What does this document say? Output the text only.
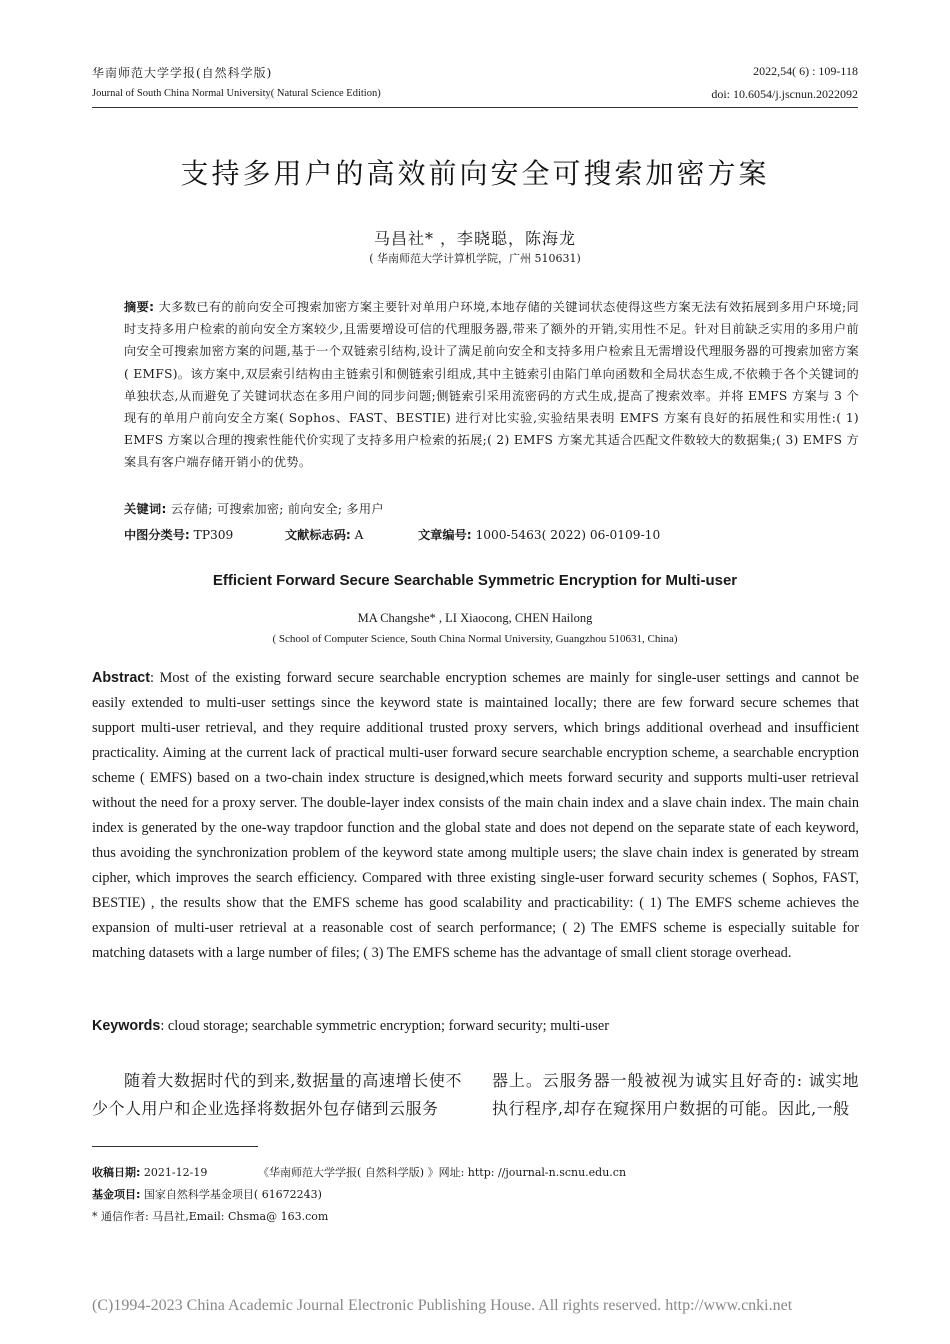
华南师范大学学报(自然科学版)
Journal of South China Normal University( Natural Science Edition)
2022,54( 6) : 109-118
doi: 10.6054/j.jscnun.2022092
支持多用户的高效前向安全可搜索加密方案
马昌社* ，李晓聪，陈海龙
( 华南师范大学计算机学院，广州 510631)
摘要: 大多数已有的前向安全可搜索加密方案主要针对单用户环境,本地存储的关键词状态使得这些方案无法有效拓展到多用户环境;同时支持多用户检索的前向安全方案较少,且需要增设可信的代理服务器,带来了额外的开销,实用性不足。针对目前缺乏实用的多用户前向安全可搜索加密方案的问题,基于一个双链索引结构,设计了满足前向安全和支持多用户检索且无需增设代理服务器的可搜索加密方案( EMFS)。该方案中,双层索引结构由主链索引和侧链索引组成,其中主链索引由陷门单向函数和全局状态生成,不依赖于各个关键词的单独状态,从而避免了关键词状态在多用户间的同步问题;侧链索引采用流密码的方式生成,提高了搜索效率。并将 EMFS 方案与 3 个现有的单用户前向安全方案( Sophos、FAST、BESTIE) 进行对比实验,实验结果表明 EMFS 方案有良好的拓展性和实用性:( 1) EMFS 方案以合理的搜索性能代价实现了支持多用户检索的拓展;( 2) EMFS 方案尤其适合匹配文件数较大的数据集;( 3) EMFS 方案具有客户端存储开销小的优势。
关键词: 云存储; 可搜索加密; 前向安全; 多用户
中图分类号: TP309	文献标志码: A	文章编号: 1000-5463( 2022) 06-0109-10
Efficient Forward Secure Searchable Symmetric Encryption for Multi-user
MA Changshe* , LI Xiaocong, CHEN Hailong
( School of Computer Science, South China Normal University, Guangzhou 510631, China)
Abstract: Most of the existing forward secure searchable encryption schemes are mainly for single-user settings and cannot be easily extended to multi-user settings since the keyword state is maintained locally; there are few forward secure schemes that support multi-user retrieval, and they require additional trusted proxy servers, which brings additional overhead and insufficient practicality. Aiming at the current lack of practical multi-user forward secure searchable encryption scheme, a searchable encryption scheme ( EMFS) based on a two-chain index structure is designed,which meets forward security and supports multi-user retrieval without the need for a proxy server. The double-layer index consists of the main chain index and a slave chain index. The main chain index is generated by the one-way trapdoor function and the global state and does not depend on the separate state of each keyword, thus avoiding the synchronization problem of the keyword state among multiple users; the slave chain index is generated by stream cipher, which improves the search efficiency. Compared with three existing single-user forward security schemes ( Sophos, FAST, BESTIE) , the results show that the EMFS scheme has good scalability and practicability: ( 1) The EMFS scheme achieves the expansion of multi-user retrieval at a reasonable cost of search performance; ( 2) The EMFS scheme is especially suitable for matching datasets with a large number of files; ( 3) The EMFS scheme has the advantage of small client storage overhead.
Keywords: cloud storage; searchable symmetric encryption; forward security; multi-user
随着大数据时代的到来,数据量的高速增长使不少个人用户和企业选择将数据外包存储到云服务
器上。云服务器一般被视为诚实且好奇的: 诚实地执行程序,却存在窥探用户数据的可能。因此,一般
收稿日期: 2021-12-19	《华南师范大学学报( 自然科学版) 》网址: http: //journal-n.scnu.edu.cn
基金项目: 国家自然科学基金项目( 61672243)
* 通信作者: 马昌社,Email: Chsma@ 163.com
(C)1994-2023 China Academic Journal Electronic Publishing House. All rights reserved. http://www.cnki.net
